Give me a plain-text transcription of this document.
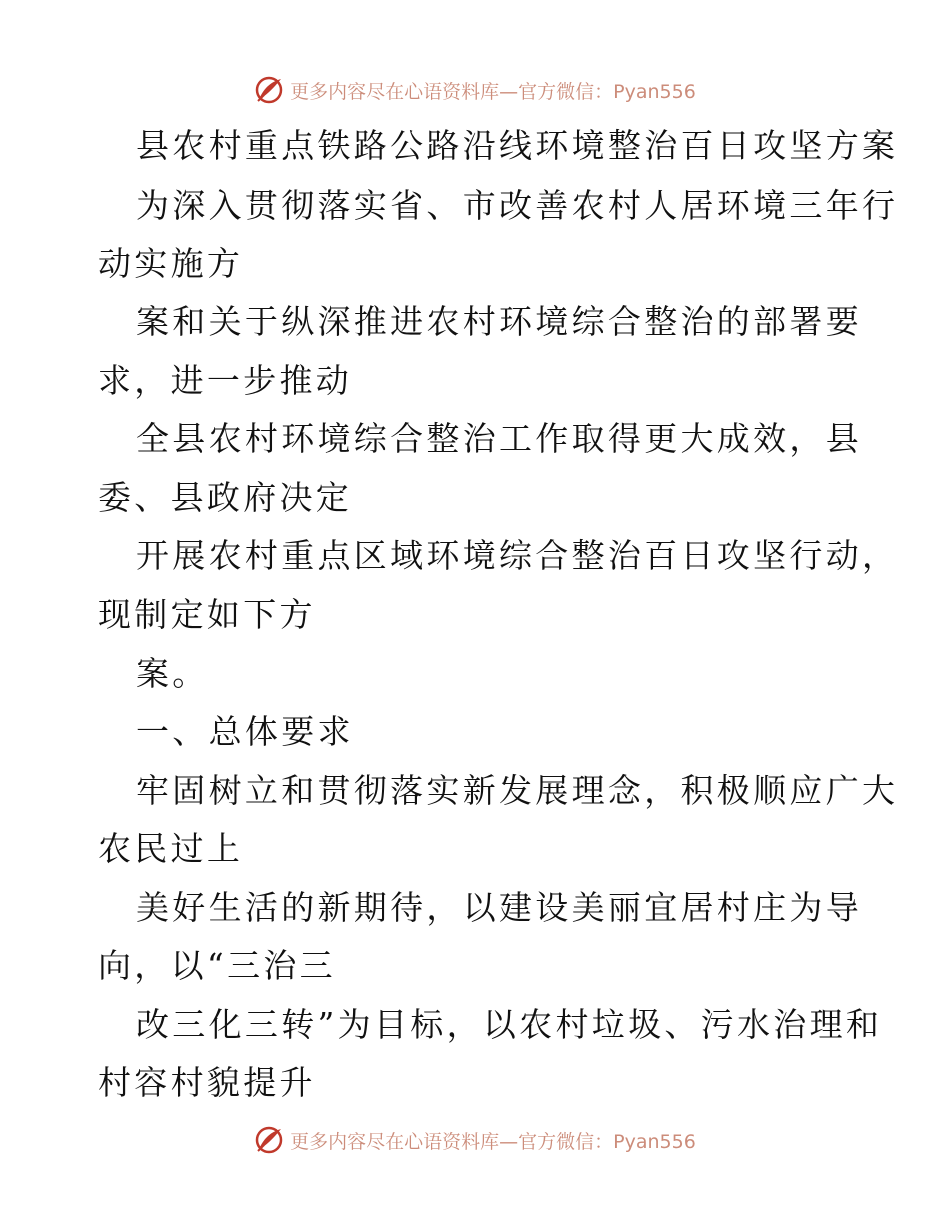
更多内容尽在心语资料库—官方微信：Pyan556
县农村重点铁路公路沿线环境整治百日攻坚方案
为深入贯彻落实省、市改善农村人居环境三年行
动实施方
案和关于纵深推进农村环境综合整治的部署要
求，进一步推动
全县农村环境综合整治工作取得更大成效，县
委、县政府决定
开展农村重点区域环境综合整治百日攻坚行动，
现制定如下方
案。
一、总体要求
牢固树立和贯彻落实新发展理念，积极顺应广大
农民过上
美好生活的新期待，以建设美丽宜居村庄为导
向，以“三治三
改三化三转”为目标，以农村垃圾、污水治理和
村容村貌提升
更多内容尽在心语资料库—官方微信：Pyan556
